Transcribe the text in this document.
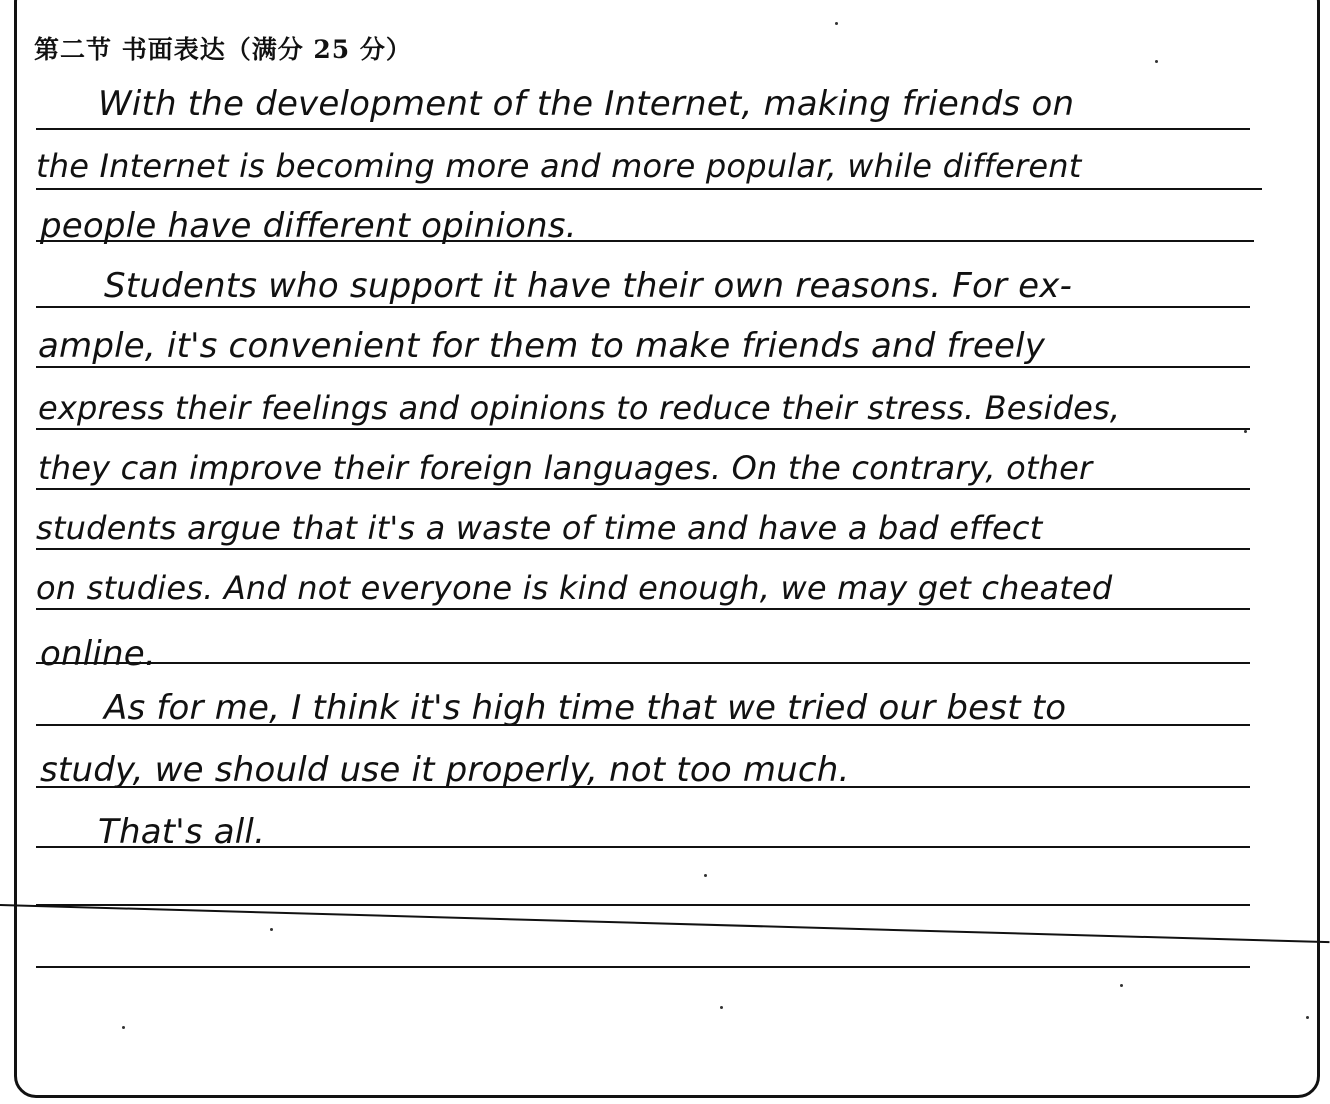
第二节 书面表达（满分 25 分）
With the development of the Internet, making friends on
the Internet is becoming more and more popular, while different
people have different opinions.
Students who support it have their own reasons. For ex-
ample, it's convenient for them to make friends and freely
express their feelings and opinions to reduce their stress. Besides,
they can improve their foreign languages. On the contrary, other
students argue that it's a waste of time and have a bad effect
on studies. And not everyone is kind enough, we may get cheated
online.
As for me, I think it's high time that we tried our best to
study, we should use it properly, not too much.
That's all.
